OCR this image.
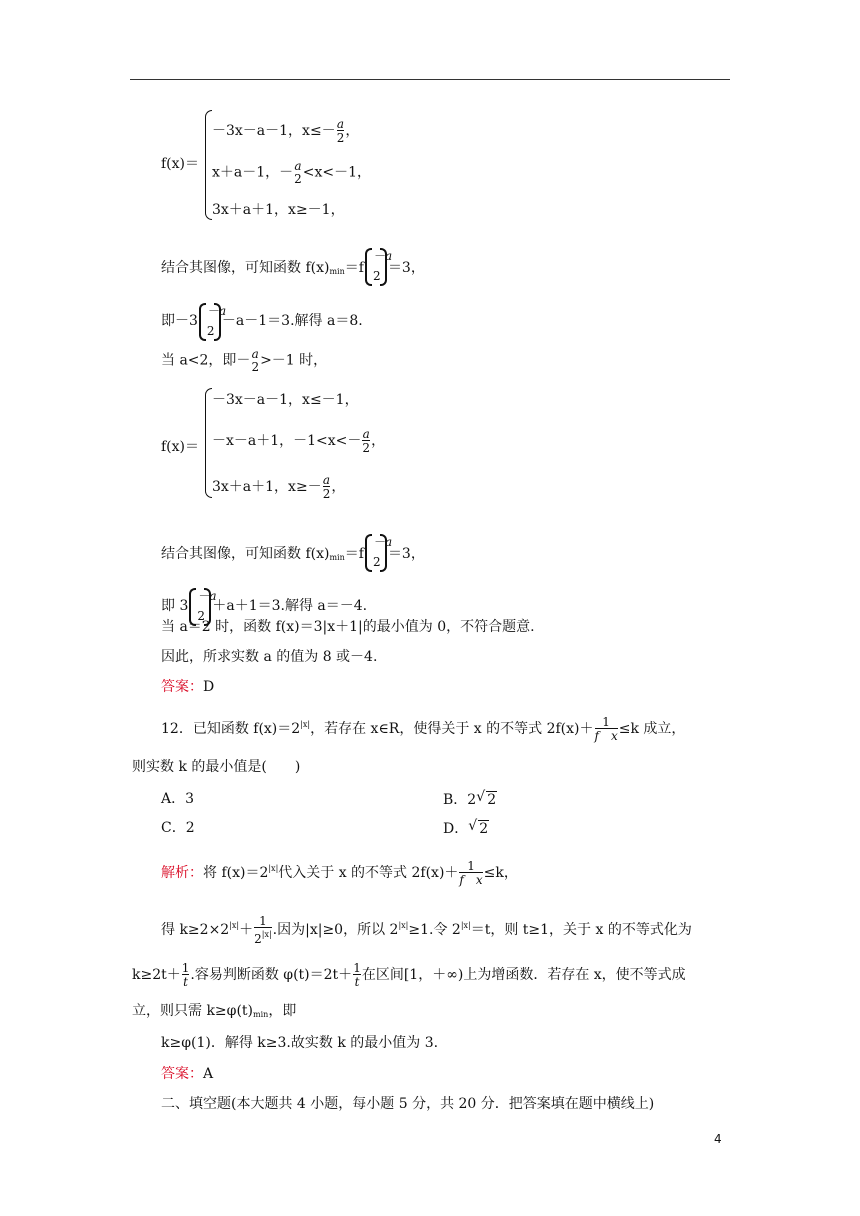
f(x)＝
－3x－a－1，$x\le- \frac{a}{2}$ ，
x＋a－1，－ a
2 <x<－1，
3x＋a＋1，x≥－1，
结合其图像，可知函数 $f(x)_{min}=f$
－a
2 ＝3，
即－3
－a
2
－a－1＝3.解得 a＝8.
当 a<2，即－ a
2 >－1 时，
f(x)＝
－3x－a－1，x≤－1，
－x－a＋1，$-1<x<- \frac{a}{2}$ ，
3x＋a＋1，$x\ge- \frac{a}{2}$ ，
结合其图像，可知函数 $f(x)_{min}=f$
－a
2 ＝3，
即 3
－a
2
＋a＋1＝3.解得 a＝－4.
当 a＝2 时，函数 f(x)＝3|x＋1|的最小值为 0，不符合题意.
因此，所求实数 a 的值为 8 或－4.
答案：D
12．已知函数 $f(x)=2^{|x|}$，若存在 x∈R，使得关于 x 的不等式 $2f(x)+ \frac{1}{\text{f　x}} \le k$ 成立，
则实数 k 的最小值是(　　)
A．3	B．2 √ 2
C．2	D． √ 2
解析：将 $f(x)=2^{|x|}$代入关于 x 的不等式 $2f(x)+ \frac{1}{\text{f　x}} \le k$，
得 $k\ge 2\times 2^{|x|}+ \frac{1}{2^{|x|}}$ .因为|x|≥0，所以 $2^{|x|}\ge 1$.令 $2^{|x|}=t$，则 t≥1，关于 x 的不等式化为
$k\ge 2t+ \frac{1}{t}$ .容易判断函数 $\varphi(t)=2t+ \frac{1}{t}$ 在区间[1，＋∞)上为增函数．若存在 x，使不等式成
立，则只需 $k\ge\varphi(t)_{min}$，即
k≥φ(1)．解得 k≥3.故实数 k 的最小值为 3.
答案：A
二、填空题(本大题共 4 小题，每小题 5 分，共 20 分．把答案填在题中横线上)
4
